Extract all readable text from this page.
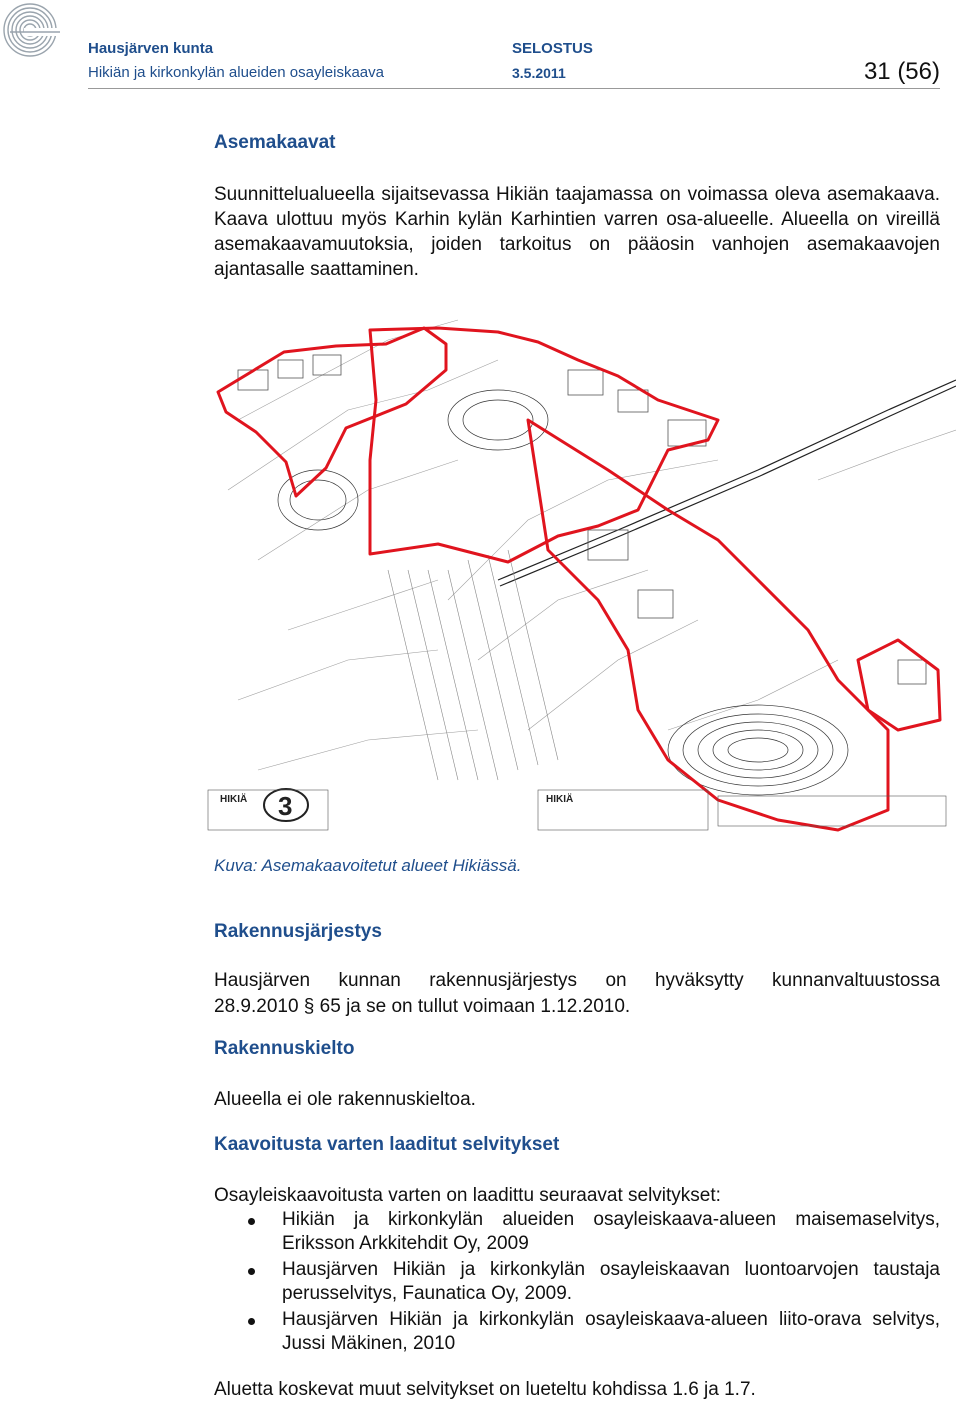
Hausjärven kunta	SELOSTUS
Hikiän ja kirkonkylän alueiden osayleiskaava	3.5.2011	31 (56)
Asemakaavat

Suunnittelualueella sijaitsevassa Hikiän taajamassa on voimassa oleva asemakaava. Kaava ulottuu myös Karhin kylän Karhintien varren osa-alueelle. Alueella on vireillä asemakaavamuutoksia, joiden tarkoitus on pääosin vanhojen asemakaavojen ajantasalle saattaminen.

HIKIÄ	HIKIÄ
3

Kuva: Asemakaavoitetut alueet Hikiässä.

Rakennusjärjestys

Hausjärven kunnan rakennusjärjestys on hyväksytty kunnanvaltuustossa

28.9.2010 § 65 ja se on tullut voimaan 1.12.2010.

Rakennuskielto

Alueella ei ole rakennuskieltoa.

Kaavoitusta varten laaditut selvitykset

Osayleiskaavoitusta varten on laadittu seuraavat selvitykset:

Hikiän ja kirkonkylän alueiden osayleiskaava-alueen maisemaselvitys, Eriksson Arkkitehdit Oy, 2009
Hausjärven Hikiän ja kirkonkylän osayleiskaavan luontoarvojen taustaja perusselvitys, Faunatica Oy, 2009.
Hausjärven Hikiän ja kirkonkylän osayleiskaava-alueen liito-orava selvitys, Jussi Mäkinen, 2010

Aluetta koskevat muut selvitykset on lueteltu kohdissa 1.6 ja 1.7.
